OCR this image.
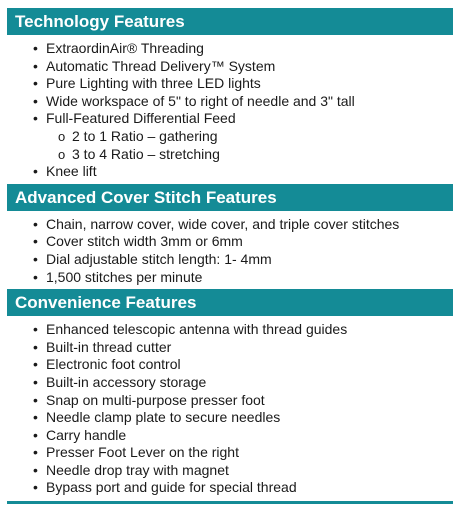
Technology Features
• ExtraordinAir® Threading
• Automatic Thread Delivery™ System
• Pure Lighting with three LED lights
• Wide workspace of 5" to right of needle and 3" tall
• Full-Featured Differential Feed
o 2 to 1 Ratio – gathering
o 3 to 4 Ratio – stretching
• Knee lift
Advanced Cover Stitch Features
• Chain, narrow cover, wide cover, and triple cover stitches
• Cover stitch width 3mm or 6mm
• Dial adjustable stitch length: 1- 4mm
• 1,500 stitches per minute
Convenience Features
• Enhanced telescopic antenna with thread guides
• Built-in thread cutter
• Electronic foot control
• Built-in accessory storage
• Snap on multi-purpose presser foot
• Needle clamp plate to secure needles
• Carry handle
• Presser Foot Lever on the right
• Needle drop tray with magnet
• Bypass port and guide for special thread
